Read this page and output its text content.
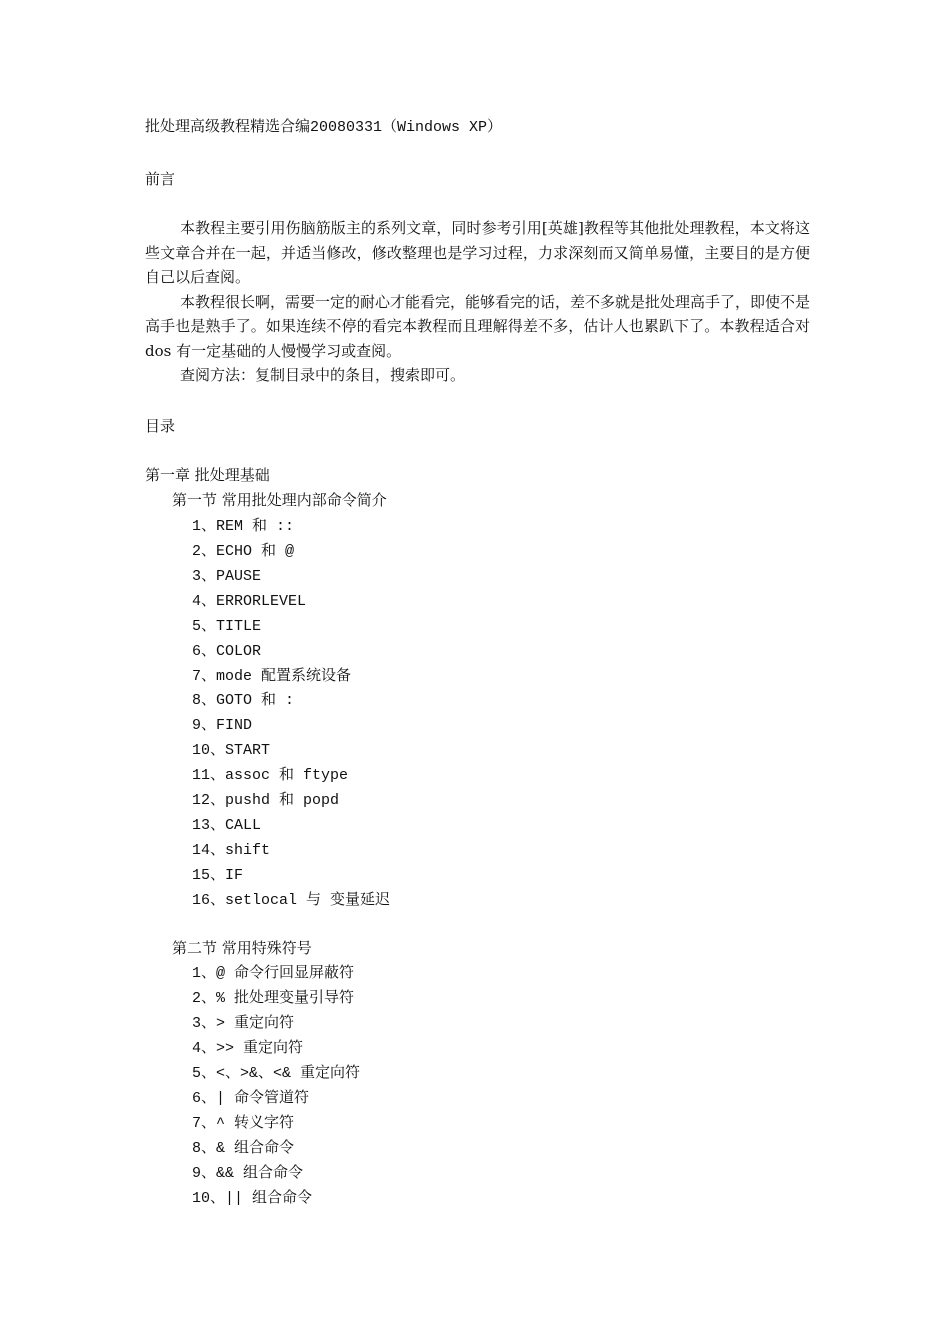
批处理高级教程精选合编20080331（Windows XP）
前言

本教程主要引用伤脑筋版主的系列文章，同时参考引用[英雄]教程等其他批处理教程，本文将这些文章合并在一起，并适当修改，修改整理也是学习过程，力求深刻而又简单易懂，主要目的是方便自己以后查阅。

本教程很长啊，需要一定的耐心才能看完，能够看完的话，差不多就是批处理高手了，即使不是高手也是熟手了。如果连续不停的看完本教程而且理解得差不多，估计人也累趴下了。本教程适合对 dos 有一定基础的人慢慢学习或查阅。

查阅方法：复制目录中的条目，搜索即可。

目录
第一章 批处理基础
第一节 常用批处理内部命令简介
1、REM 和 ::
2、ECHO 和 @
3、PAUSE
4、ERRORLEVEL
5、TITLE
6、COLOR
7、mode 配置系统设备
8、GOTO 和 :
9、FIND
10、START
11、assoc 和 ftype
12、pushd 和 popd
13、CALL
14、shift
15、IF
16、setlocal 与 变量延迟
第二节 常用特殊符号
1、@ 命令行回显屏蔽符
2、% 批处理变量引导符
3、> 重定向符
4、>> 重定向符
5、<、>&、<& 重定向符
6、| 命令管道符
7、^ 转义字符
8、& 组合命令
9、&& 组合命令
10、|| 组合命令
